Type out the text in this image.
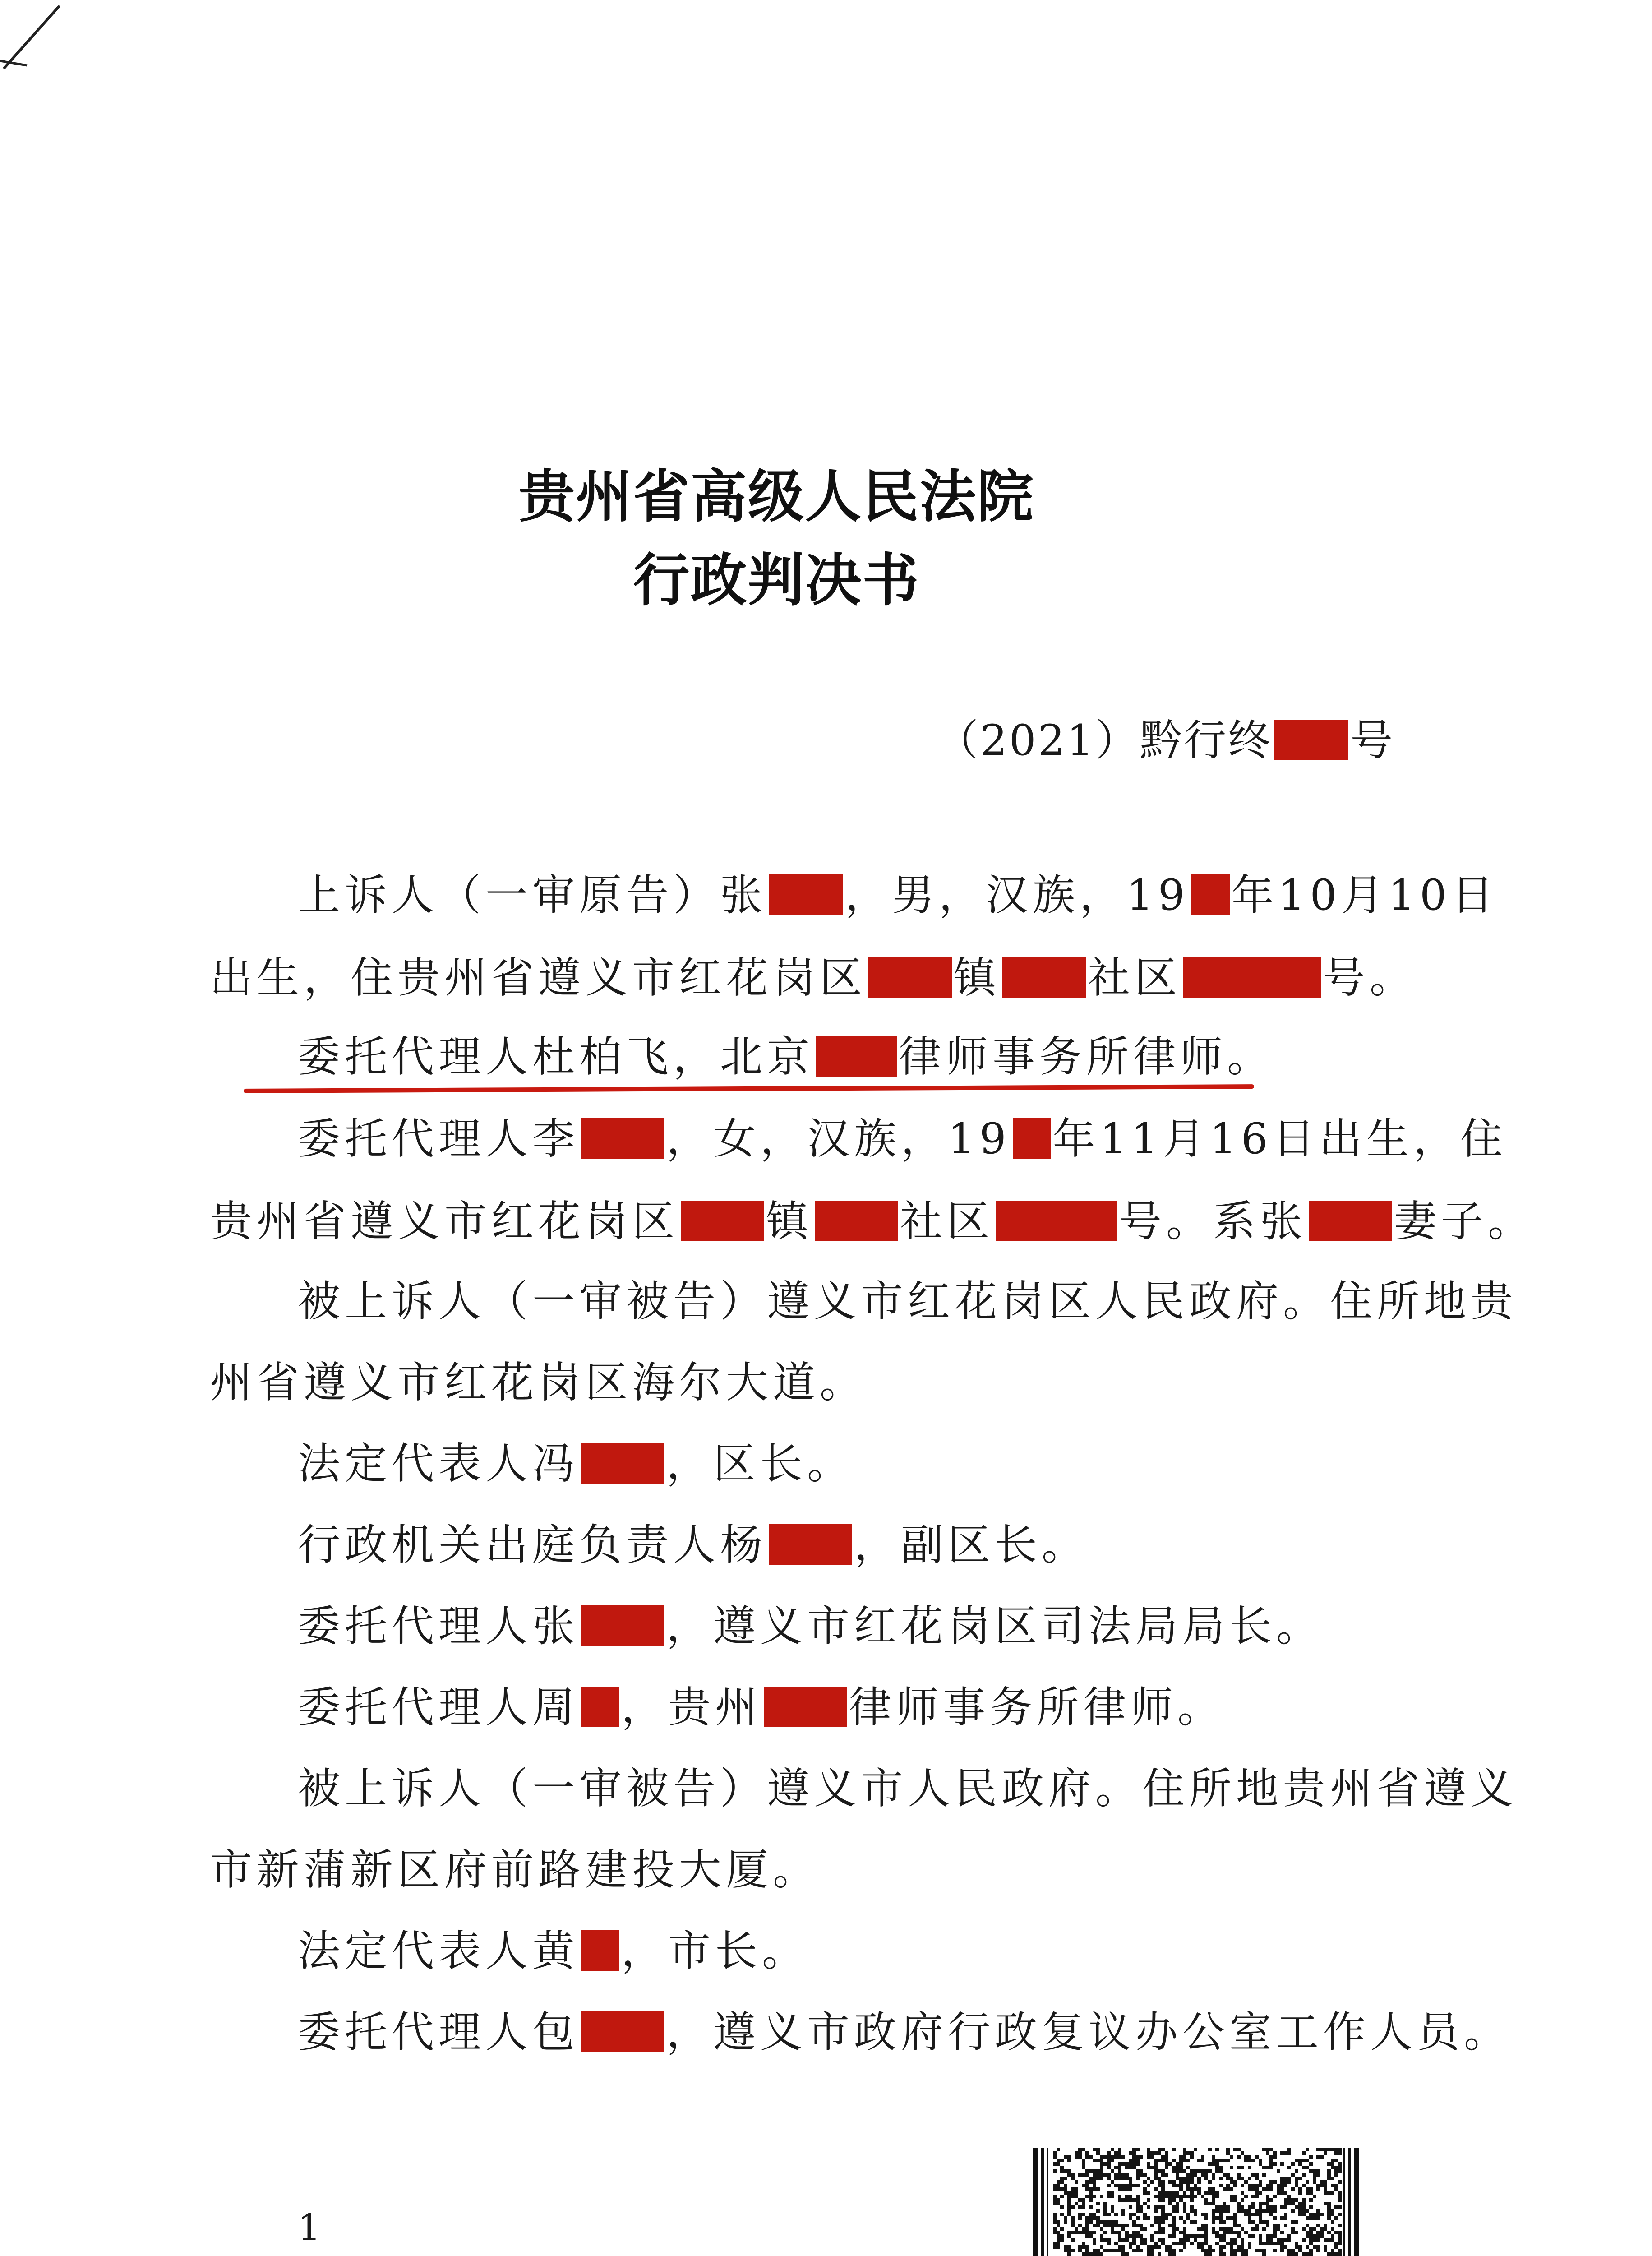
贵州省高级人民法院
行政判决书
（2021）黔行终 号
上诉人（一审原告）张 ，男，汉族，19 年10月10日
出生，住贵州省遵义市红花岗区 镇 社区	号。
委托代理人杜柏飞，北京 律师事务所律师。
委托代理人李 ，女，汉族，19 年11月16日出生，住
贵州省遵义市红花岗区 镇 社区	号。系张 妻子。
被上诉人（一审被告）遵义市红花岗区人民政府。住所地贵
州省遵义市红花岗区海尔大道。
法定代表人冯 ，区长。
行政机关出庭负责人杨 ，副区长。
委托代理人张 ，遵义市红花岗区司法局局长。
委托代理人周 ，贵州 律师事务所律师。
被上诉人（一审被告）遵义市人民政府。住所地贵州省遵义
市新蒲新区府前路建投大厦。
法定代表人黄 ，市长。
委托代理人包 ，遵义市政府行政复议办公室工作人员。
1
